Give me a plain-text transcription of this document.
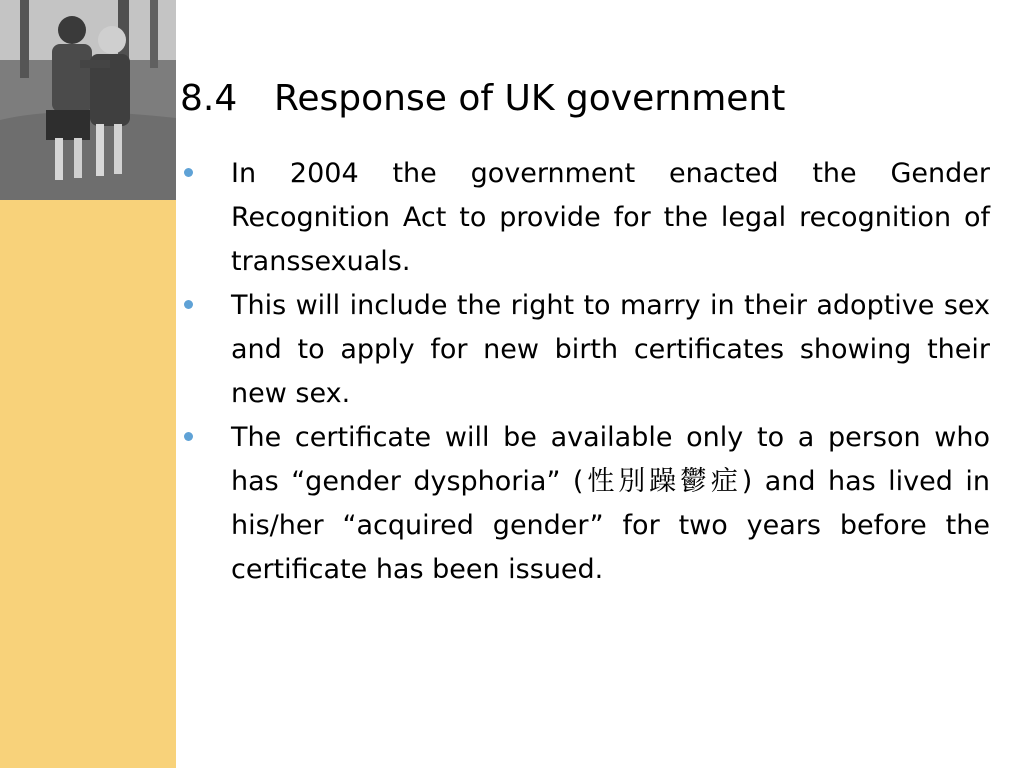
8.4 Response of UK government
In 2004 the government enacted the Gender Recognition Act to provide for the legal recognition of transsexuals.
This will include the right to marry in their adoptive sex and to apply for new birth certificates showing their new sex.
The certificate will be available only to a person who has “gender dysphoria” (性別躁鬱症) and has lived in his/her “acquired gender” for two years before the certificate has been issued.
